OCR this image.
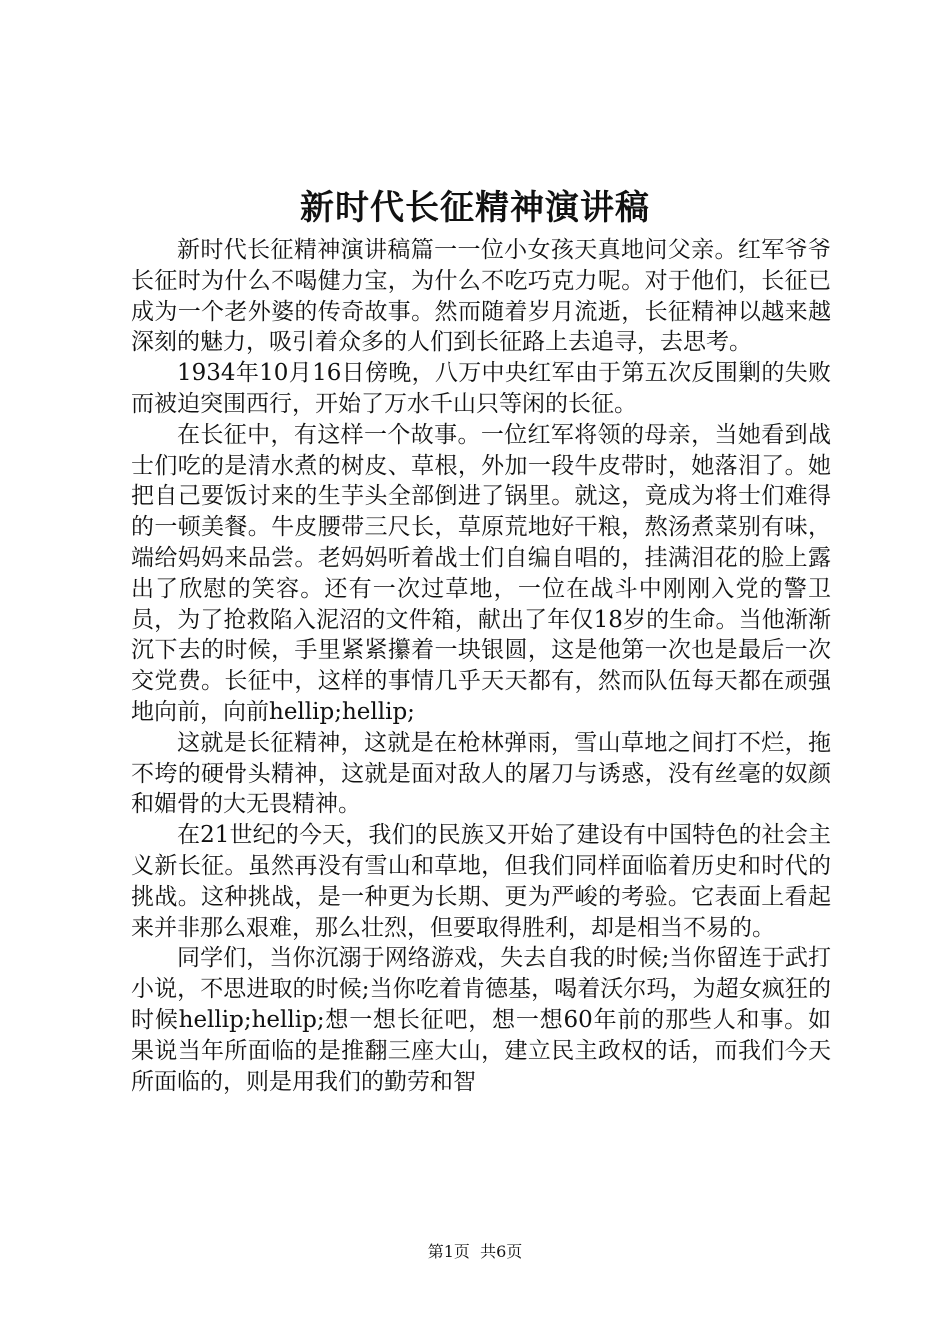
新时代长征精神演讲稿

新时代长征精神演讲稿篇一一位小女孩天真地问父亲。红军爷爷长征时为什么不喝健力宝，为什么不吃巧克力呢。对于他们，长征已成为一个老外婆的传奇故事。然而随着岁月流逝，长征精神以越来越深刻的魅力，吸引着众多的人们到长征路上去追寻，去思考。

1934年10月16日傍晚，八万中央红军由于第五次反围剿的失败而被迫突围西行，开始了万水千山只等闲的长征。

在长征中，有这样一个故事。一位红军将领的母亲，当她看到战士们吃的是清水煮的树皮、草根，外加一段牛皮带时，她落泪了。她把自己要饭讨来的生芋头全部倒进了锅里。就这，竟成为将士们难得的一顿美餐。牛皮腰带三尺长，草原荒地好干粮，熬汤煮菜别有味，端给妈妈来品尝。老妈妈听着战士们自编自唱的，挂满泪花的脸上露出了欣慰的笑容。还有一次过草地，一位在战斗中刚刚入党的警卫员，为了抢救陷入泥沼的文件箱，献出了年仅18岁的生命。当他渐渐沉下去的时候，手里紧紧攥着一块银圆，这是他第一次也是最后一次交党费。长征中，这样的事情几乎天天都有，然而队伍每天都在顽强地向前，向前hellip;hellip;

这就是长征精神，这就是在枪林弹雨，雪山草地之间打不烂，拖不垮的硬骨头精神，这就是面对敌人的屠刀与诱惑，没有丝毫的奴颜和媚骨的大无畏精神。

在21世纪的今天，我们的民族又开始了建设有中国特色的社会主义新长征。虽然再没有雪山和草地，但我们同样面临着历史和时代的挑战。这种挑战，是一种更为长期、更为严峻的考验。它表面上看起来并非那么艰难，那么壮烈，但要取得胜利，却是相当不易的。

同学们，当你沉溺于网络游戏，失去自我的时候;当你留连于武打小说，不思进取的时候;当你吃着肯德基，喝着沃尔玛，为超女疯狂的时候hellip;hellip;想一想长征吧，想一想60年前的那些人和事。如果说当年所面临的是推翻三座大山，建立民主政权的话，而我们今天所面临的，则是用我们的勤劳和智

第1页 共6页
